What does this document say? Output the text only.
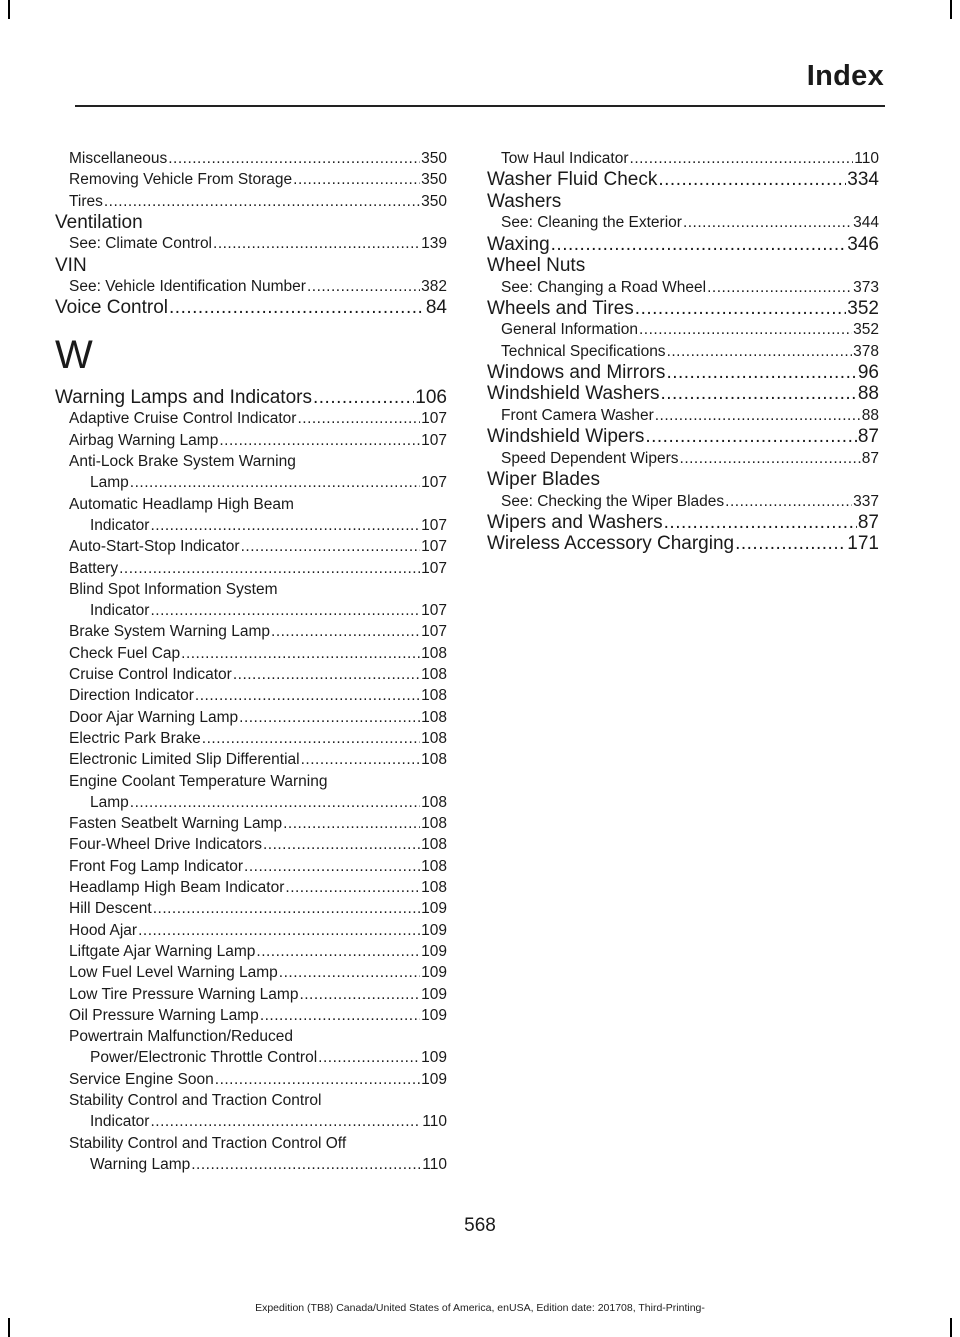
Index
Miscellaneous .....	350
Removing Vehicle From Storage .....	350
Tires .....	350
Ventilation
See: Climate Control .....	139
VIN
See: Vehicle Identification Number .....	382
Voice Control .....	84
W
Warning Lamps and Indicators .....	106
Adaptive Cruise Control Indicator .....	107
Airbag Warning Lamp .....	107
Anti-Lock Brake System Warning
Lamp .....	107
Automatic Headlamp High Beam
Indicator .....	107
Auto-Start-Stop Indicator .....	107
Battery .....	107
Blind Spot Information System
Indicator .....	107
Brake System Warning Lamp .....	107
Check Fuel Cap .....	108
Cruise Control Indicator .....	108
Direction Indicator .....	108
Door Ajar Warning Lamp .....	108
Electric Park Brake .....	108
Electronic Limited Slip Differential .....	108
Engine Coolant Temperature Warning
Lamp .....	108
Fasten Seatbelt Warning Lamp .....	108
Four-Wheel Drive Indicators .....	108
Front Fog Lamp Indicator .....	108
Headlamp High Beam Indicator .....	108
Hill Descent .....	109
Hood Ajar .....	109
Liftgate Ajar Warning Lamp .....	109
Low Fuel Level Warning Lamp .....	109
Low Tire Pressure Warning Lamp .....	109
Oil Pressure Warning Lamp .....	109
Powertrain Malfunction/Reduced
Power/Electronic Throttle Control .....	109
Service Engine Soon .....	109
Stability Control and Traction Control
Indicator .....	110
Stability Control and Traction Control Off
Warning Lamp .....	110
Tow Haul Indicator .....	110
Washer Fluid Check .....	334
Washers
See: Cleaning the Exterior .....	344
Waxing .....	346
Wheel Nuts
See: Changing a Road Wheel .....	373
Wheels and Tires .....	352
General Information .....	352
Technical Specifications .....	378
Windows and Mirrors .....	96
Windshield Washers .....	88
Front Camera Washer .....	88
Windshield Wipers .....	87
Speed Dependent Wipers .....	87
Wiper Blades
See: Checking the Wiper Blades .....	337
Wipers and Washers .....	87
Wireless Accessory Charging .....	171
568
Expedition (TB8) Canada/United States of America, enUSA, Edition date: 201708, Third-Printing-
